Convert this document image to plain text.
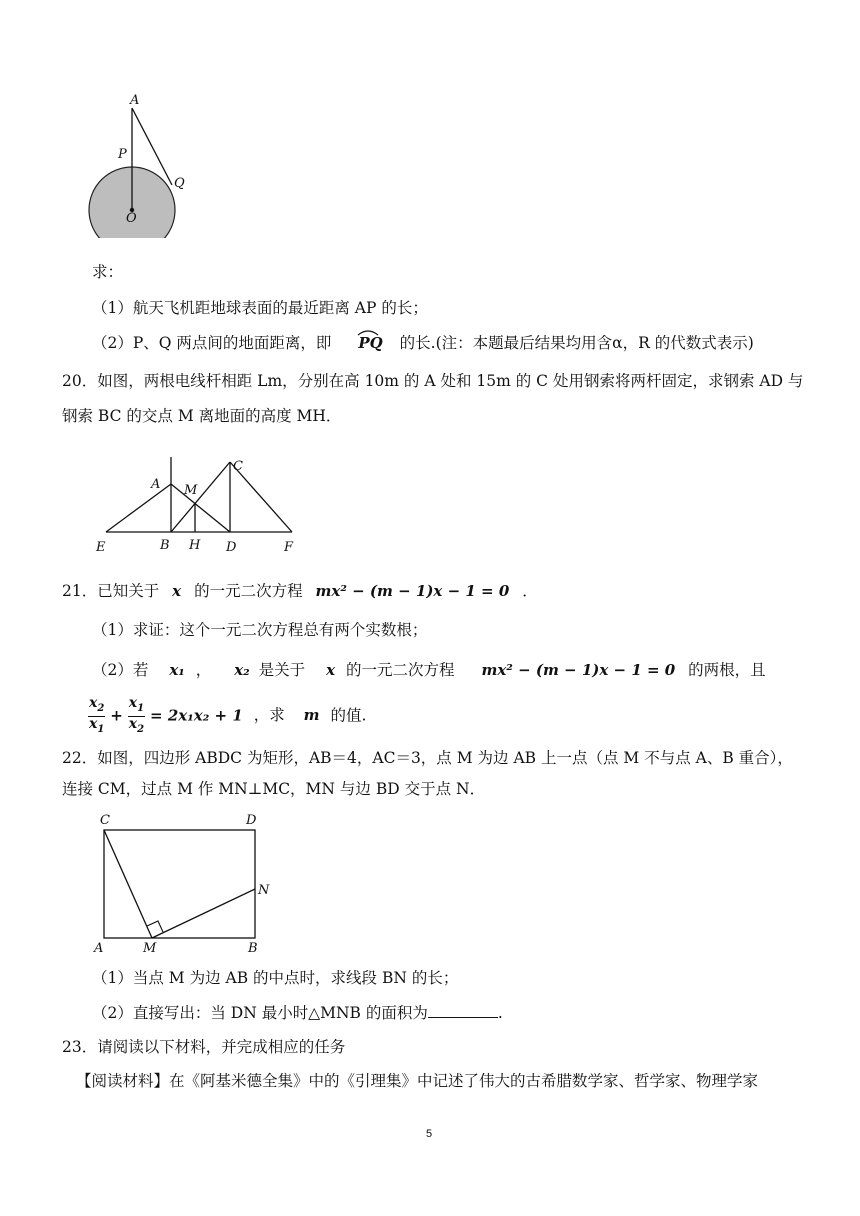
A
P
Q
O
求：
（1）航天飞机距地球表面的最近距离 AP 的长；
（2）P、Q 两点间的地面距离，即 PQ 的长.(注：本题最后结果均用含α，R 的代数式表示)
20．如图，两根电线杆相距 Lm，分别在高 10m 的 A 处和 15m 的 C 处用钢索将两杆固定，求钢索 AD 与
钢索 BC 的交点 M 离地面的高度 MH．
A M
C
E	B H D	F
21．已知关于 x 的一元二次方程 mx² − (m − 1)x − 1 = 0 ．
（1）求证：这个一元二次方程总有两个实数根；
（2）若 x₁ ， x₂ 是关于 x 的一元二次方程 mx² − (m − 1)x − 1 = 0 的两根，且
$\frac{x_2}{x_1} + \frac{x_1}{x_2} = 2x_1x_2 + 1$ ，求 m 的值.
22．如图，四边形 ABDC 为矩形，AB＝4，AC＝3，点 M 为边 AB 上一点（点 M 不与点 A、B 重合），
连接 CM，过点 M 作 MN⊥MC，MN 与边 BD 交于点 N．
C	D
N
A	M	B
（1）当点 M 为边 AB 的中点时，求线段 BN 的长；
（2）直接写出：当 DN 最小时△MNB 的面积为	.
23．请阅读以下材料，并完成相应的任务
【阅读材料】在《阿基米德全集》中的《引理集》中记述了伟大的古希腊数学家、哲学家、物理学家
5
